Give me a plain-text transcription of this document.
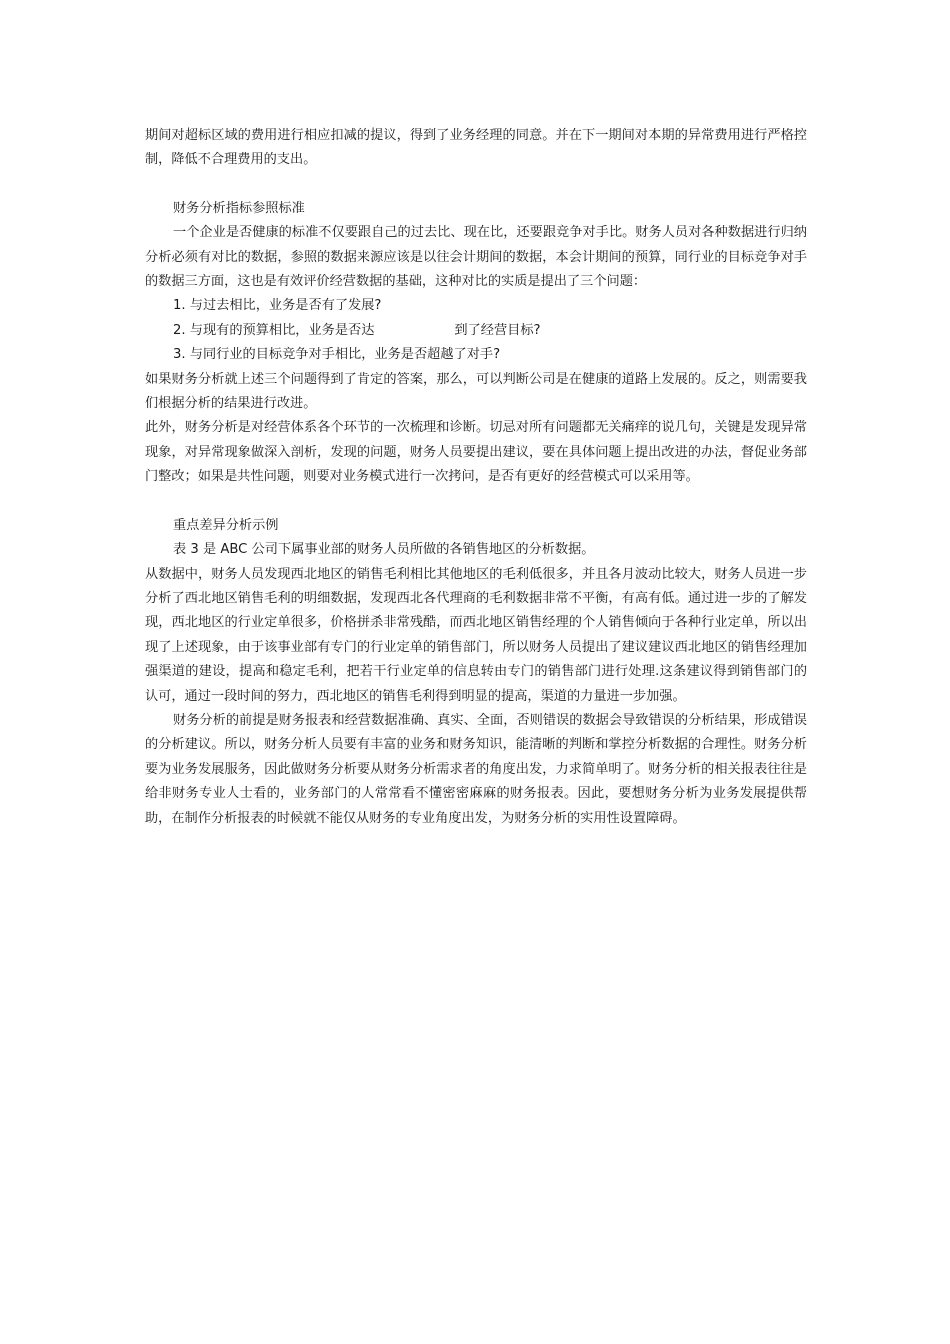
期间对超标区域的费用进行相应扣减的提议，得到了业务经理的同意。并在下一期间对本期的异常费用进行严格控制，降低不合理费用的支出。

财务分析指标参照标准

一个企业是否健康的标准不仅要跟自己的过去比、现在比，还要跟竞争对手比。财务人员对各种数据进行归纳分析必须有对比的数据，参照的数据来源应该是以往会计期间的数据，本会计期间的预算，同行业的目标竞争对手的数据三方面，这也是有效评价经营数据的基础，这种对比的实质是提出了三个问题：

1. 与过去相比，业务是否有了发展?

2. 与现有的预算相比，业务是否达	到了经营目标?

3. 与同行业的目标竞争对手相比，业务是否超越了对手?

如果财务分析就上述三个问题得到了肯定的答案，那么，可以判断公司是在健康的道路上发展的。反之，则需要我们根据分析的结果进行改进。

此外，财务分析是对经营体系各个环节的一次梳理和诊断。切忌对所有问题都无关痛痒的说几句，关键是发现异常现象，对异常现象做深入剖析，发现的问题，财务人员要提出建议，要在具体问题上提出改进的办法，督促业务部门整改；如果是共性问题，则要对业务模式进行一次拷问，是否有更好的经营模式可以采用等。

重点差异分析示例

表 3 是 ABC 公司下属事业部的财务人员所做的各销售地区的分析数据。

从数据中，财务人员发现西北地区的销售毛利相比其他地区的毛利低很多，并且各月波动比较大，财务人员进一步分析了西北地区销售毛利的明细数据，发现西北各代理商的毛利数据非常不平衡，有高有低。通过进一步的了解发现，西北地区的行业定单很多，价格拼杀非常残酷，而西北地区销售经理的个人销售倾向于各种行业定单，所以出现了上述现象，由于该事业部有专门的行业定单的销售部门，所以财务人员提出了建议建议西北地区的销售经理加强渠道的建设，提高和稳定毛利，把若干行业定单的信息转由专门的销售部门进行处理.这条建议得到销售部门的认可，通过一段时间的努力，西北地区的销售毛利得到明显的提高，渠道的力量进一步加强。

财务分析的前提是财务报表和经营数据准确、真实、全面，否则错误的数据会导致错误的分析结果，形成错误的分析建议。所以，财务分析人员要有丰富的业务和财务知识，能清晰的判断和掌控分析数据的合理性。财务分析要为业务发展服务，因此做财务分析要从财务分析需求者的角度出发，力求简单明了。财务分析的相关报表往往是给非财务专业人士看的，业务部门的人常常看不懂密密麻麻的财务报表。因此，要想财务分析为业务发展提供帮助，在制作分析报表的时候就不能仅从财务的专业角度出发，为财务分析的实用性设置障碍。
